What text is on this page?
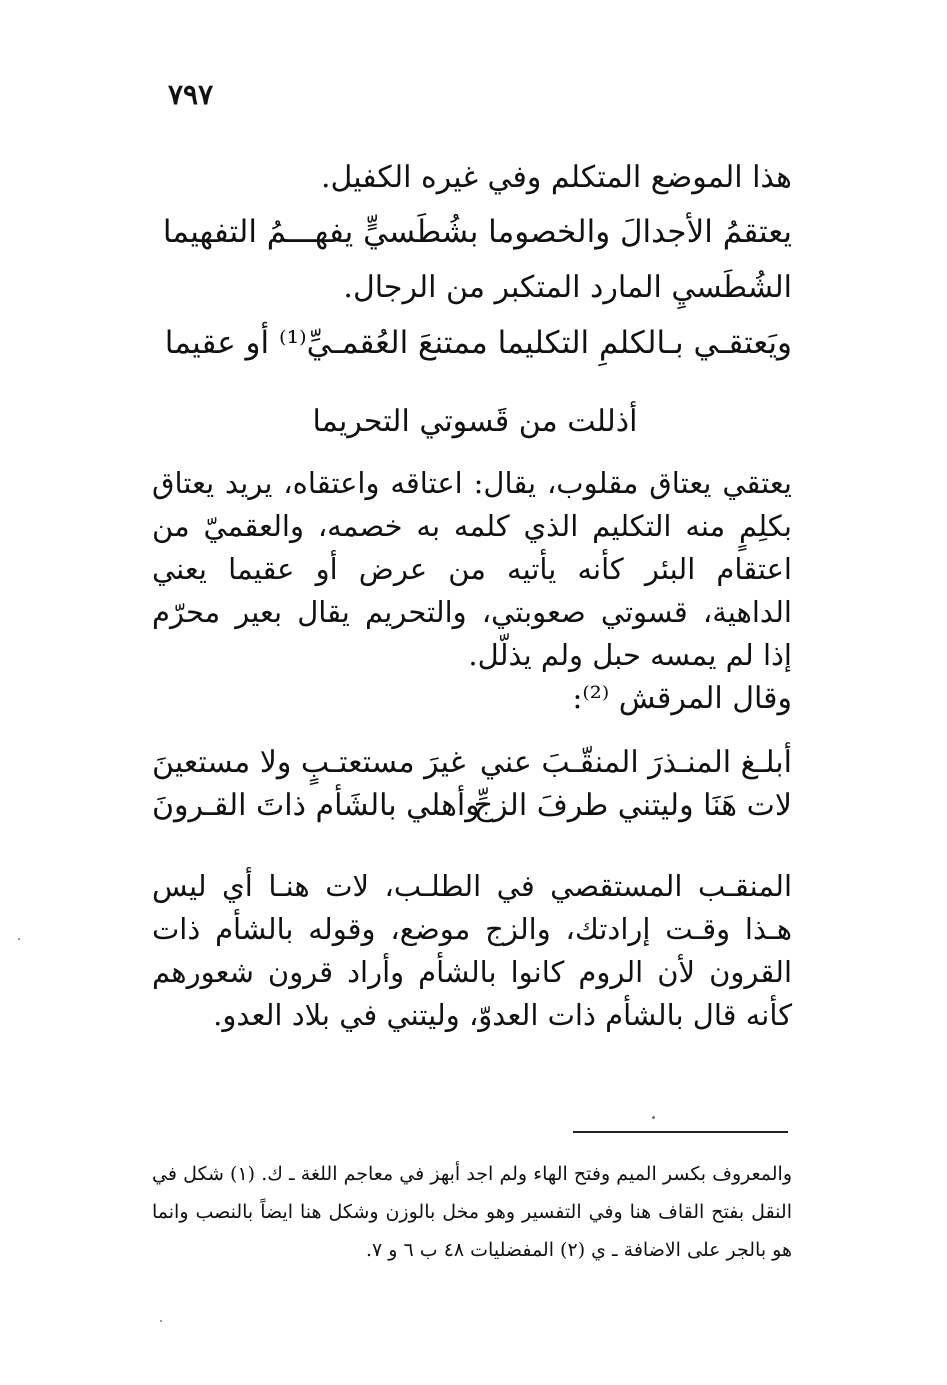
٧٩٧
هذا الموضع المتكلم وفي غيره الكفيل.
يعتقمُ الأجدالَ والخصوما بشُطَسيٍّ يفهـــمُ التفهيما
الشُطَسيِ المارد المتكبر من الرجال.
ويَعتقـي بـالكلمِ التكليما ممتنعَ العُقمـيِّ⁽¹⁾ أو عقيما
أذللت من قَسوتي التحريما
يعتقي يعتاق مقلوب، يقال: اعتاقه واعتقاه، يريد يعتاق بكلِمٍ منه التكليم الذي كلمه به خصمه، والعقميّ من اعتقام البئر كأنه يأتيه من عرض أو عقيما يعني الداهية، قسوتي صعوبتي، والتحريم يقال بعير محرّم إذا لم يمسه حبل ولم يذلّل.
وقال المرقش ⁽²⁾:
أبلـغ المنـذرَ المنقّـبَ عني
غيرَ مستعتـبٍ ولا مستعينَ
لات هَنَا وليتني طرفَ الزجِّ
وأهلي بالشَأم ذاتَ القـرونَ
المنقـب المستقصي في الطلـب، لات هنـا أي ليس هـذا وقـت إرادتك، والزج موضع، وقوله بالشأم ذات القرون لأن الروم كانوا بالشأم وأراد قرون شعورهم كأنه قال بالشأم ذات العدوّ، وليتني في بلاد العدو.
والمعروف بكسر الميم وفتح الهاء ولم اجد أبهز في معاجم اللغة ـ ك. (١) شكل في النقل بفتح القاف هنا وفي التفسير وهو مخل بالوزن وشكل هنا ايضاً بالنصب وانما هو بالجر على الاضافة ـ ي (٢) المفضليات ٤٨ ب ٦ و ٧.
